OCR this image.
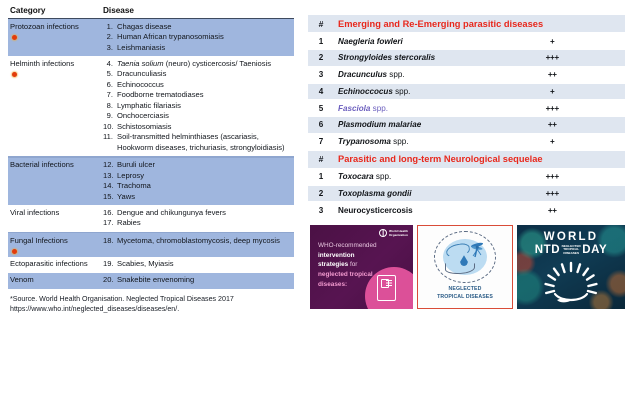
Category	Disease
Protozoan infections	1. Chagas disease
2. Human African trypanosomiasis
3. Leishmaniasis
Helminth infections	4. Taenia solium (neuro) cysticercosis/ Taeniosis
5. Dracunculiasis
6. Echinococcus
7. Foodborne trematodiases
8. Lymphatic filariasis
9. Onchocerciasis
10. Schistosomiasis
11. Soil-transmitted helminthiases (ascariasis, Hookworm diseases, trichuriasis, strongyloidiasis)
Bacterial infections	12. Buruli ulcer
13. Leprosy
14. Trachoma
15. Yaws
Viral infections	16. Dengue and chikungunya fevers
17. Rabies
Fungal Infections	18. Mycetoma, chromoblastomycosis, deep mycosis
Ectoparasitic infections	19. Scabies, Myiasis
Venom	20. Snakebite envenoming
*Source. World Health Organisation. Neglected Tropical Diseases 2017 https://www.who.int/neglected_diseases/diseases/en/.
#	Emerging and Re-Emerging parasitic diseases	
1	Naegleria fowleri	+
2	Strongyloides stercoralis	+++
3	Dracunculus spp.	++
4	Echinoccocus spp.	+
5	Fasciola spp.	+++
6	Plasmodium malariae	++
7	Trypanosoma spp.	+
#	Parasitic and long-term Neurological sequelae	
1	Toxocara spp.	+++
2	Toxoplasma gondii	+++
3	Neurocysticercosis	++
World Health
Organization
WHO-recommended intervention strategies for neglected tropical diseases:
NEGLECTED
TROPICAL DISEASES
WORLD
NTD NEGLECTED TROPICAL
DISEASES DAY
